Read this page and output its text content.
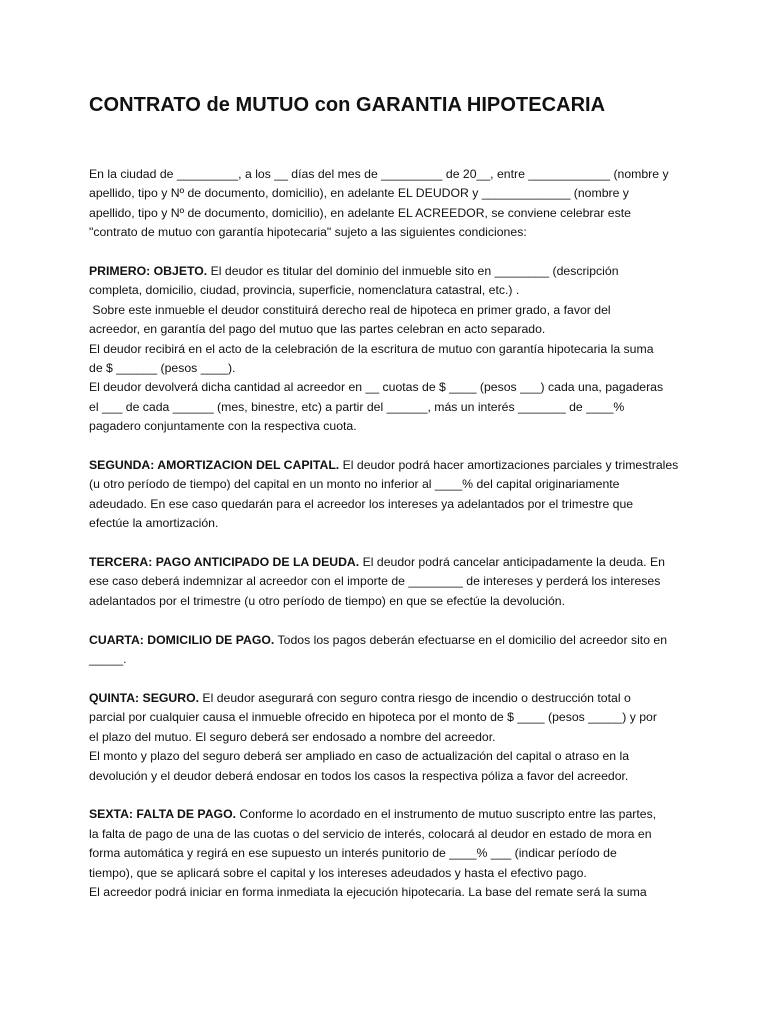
CONTRATO de MUTUO con GARANTIA HIPOTECARIA
En la ciudad de _________, a los __ días del mes de _________ de 20__, entre ____________ (nombre y
apellido, tipo y Nº de documento, domicilio), en adelante EL DEUDOR y _____________ (nombre y
apellido, tipo y Nº de documento, domicilio), en adelante EL ACREEDOR, se conviene celebrar este
"contrato de mutuo con garantía hipotecaria" sujeto a las siguientes condiciones:
PRIMERO: OBJETO. El deudor es titular del dominio del inmueble sito en ________ (descripción
completa, domicilio, ciudad, provincia, superficie, nomenclatura catastral, etc.) .
Sobre este inmueble el deudor constituirá derecho real de hipoteca en primer grado, a favor del
acreedor, en garantía del pago del mutuo que las partes celebran en acto separado.
El deudor recibirá en el acto de la celebración de la escritura de mutuo con garantía hipotecaria la suma
de $ ______ (pesos ____).
El deudor devolverá dicha cantidad al acreedor en __ cuotas de $ ____ (pesos ___) cada una, pagaderas
el ___ de cada ______ (mes, binestre, etc) a partir del ______, más un interés _______ de ____%
pagadero conjuntamente con la respectiva cuota.
SEGUNDA: AMORTIZACION DEL CAPITAL. El deudor podrá hacer amortizaciones parciales y trimestrales
(u otro período de tiempo) del capital en un monto no inferior al ____% del capital originariamente
adeudado. En ese caso quedarán para el acreedor los intereses ya adelantados por el trimestre que
efectúe la amortización.
TERCERA: PAGO ANTICIPADO DE LA DEUDA. El deudor podrá cancelar anticipadamente la deuda. En
ese caso deberá indemnizar al acreedor con el importe de ________ de intereses y perderá los intereses
adelantados por el trimestre (u otro período de tiempo) en que se efectúe la devolución.
CUARTA: DOMICILIO DE PAGO. Todos los pagos deberán efectuarse en el domicilio del acreedor sito en
_____.
QUINTA: SEGURO. El deudor asegurará con seguro contra riesgo de incendio o destrucción total o
parcial por cualquier causa el inmueble ofrecido en hipoteca por el monto de $ ____ (pesos _____) y por
el plazo del mutuo. El seguro deberá ser endosado a nombre del acreedor.
El monto y plazo del seguro deberá ser ampliado en caso de actualización del capital o atraso en la
devolución y el deudor deberá endosar en todos los casos la respectiva póliza a favor del acreedor.
SEXTA: FALTA DE PAGO. Conforme lo acordado en el instrumento de mutuo suscripto entre las partes,
la falta de pago de una de las cuotas o del servicio de interés, colocará al deudor en estado de mora en
forma automática y regirá en ese supuesto un interés punitorio de ____% ___ (indicar período de
tiempo), que se aplicará sobre el capital y los intereses adeudados y hasta el efectivo pago.
El acreedor podrá iniciar en forma inmediata la ejecución hipotecaria. La base del remate será la suma
